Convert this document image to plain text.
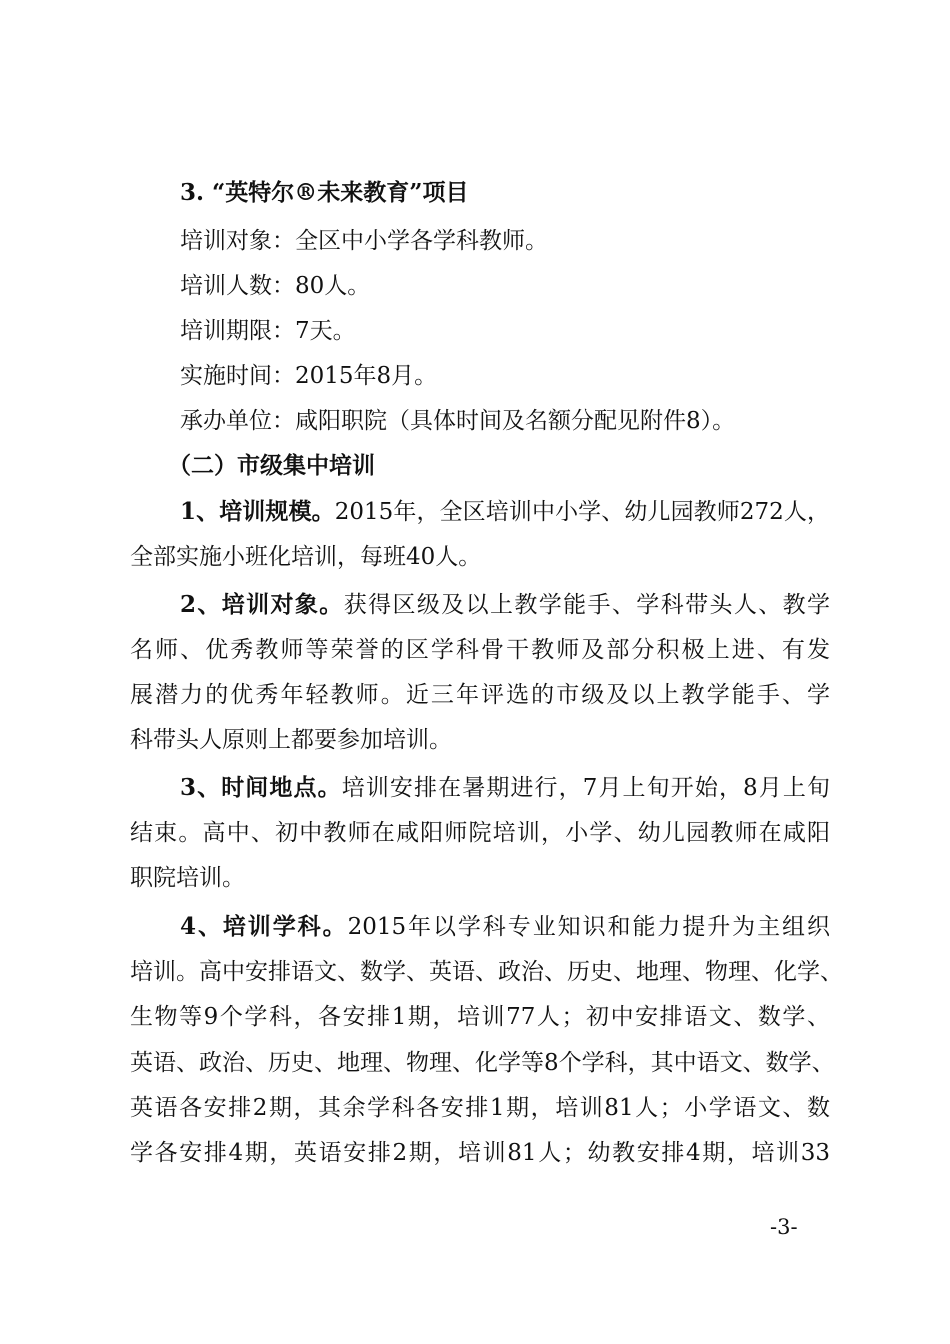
3. “英特尔®未来教育”项目
培训对象：全区中小学各学科教师。
培训人数：80人。
培训期限：7天。
实施时间：2015年8月。
承办单位：咸阳职院（具体时间及名额分配见附件8）。
（二）市级集中培训
1、培训规模。2015年，全区培训中小学、幼儿园教师272人，
全部实施小班化培训，每班40人。
2、培训对象。获得区级及以上教学能手、学科带头人、教学
名师、优秀教师等荣誉的区学科骨干教师及部分积极上进、有发
展潜力的优秀年轻教师。近三年评选的市级及以上教学能手、学
科带头人原则上都要参加培训。
3、时间地点。培训安排在暑期进行，7月上旬开始，8月上旬
结束。高中、初中教师在咸阳师院培训，小学、幼儿园教师在咸阳
职院培训。
4、培训学科。2015年以学科专业知识和能力提升为主组织
培训。高中安排语文、数学、英语、政治、历史、地理、物理、化学、
生物等9个学科，各安排1期，培训77人；初中安排语文、数学、
英语、政治、历史、地理、物理、化学等8个学科，其中语文、数学、
英语各安排2期，其余学科各安排1期，培训81人；小学语文、数
学各安排4期，英语安排2期，培训81人；幼教安排4期，培训33
-3-
